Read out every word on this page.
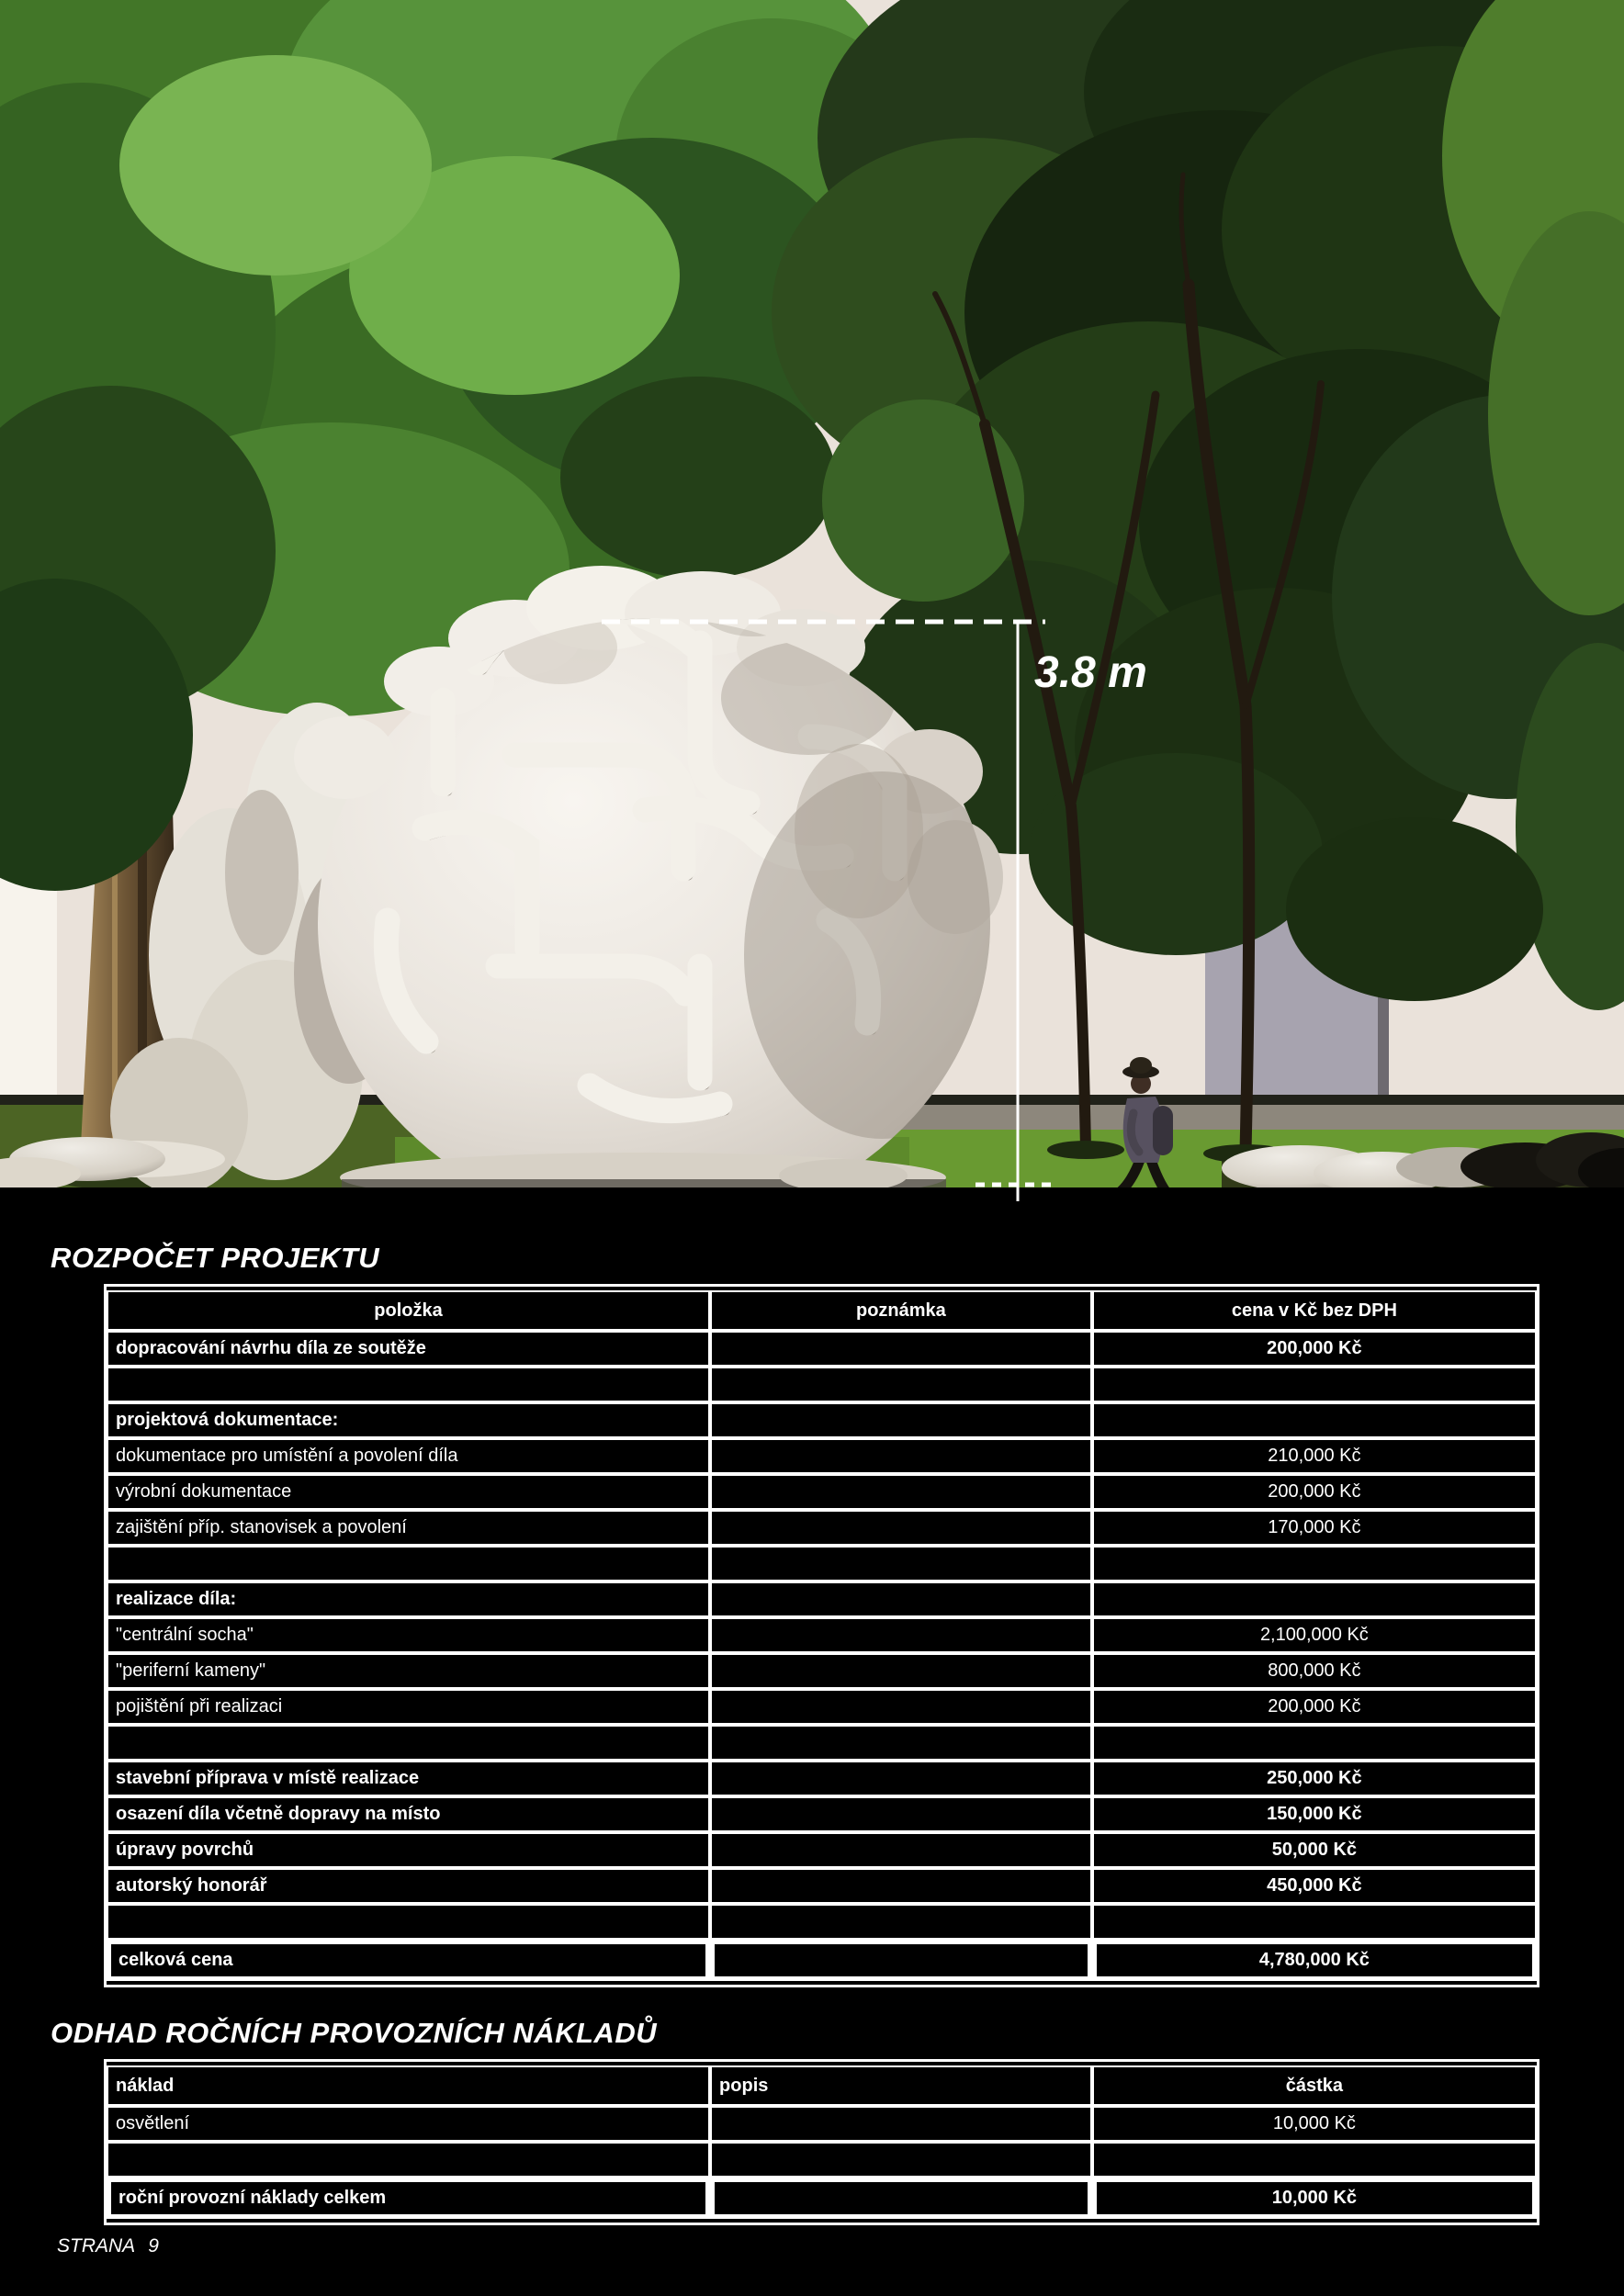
3.8 m
ROZPOČET PROJEKTU
položka	poznámka	cena v Kč bez DPH
dopracování návrhu díla ze soutěže		200,000 Kč

projektová dokumentace:		
dokumentace pro umístění a povolení díla		210,000 Kč
výrobní dokumentace		200,000 Kč
zajištění příp. stanovisek a povolení		170,000 Kč

realizace díla:		
"centrální socha"		2,100,000 Kč
"periferní kameny"		800,000 Kč
pojištění při realizaci		200,000 Kč

stavební příprava v místě realizace		250,000 Kč
osazení díla včetně dopravy na místo		150,000 Kč
úpravy povrchů		50,000 Kč
autorský honorář		450,000 Kč

celková cena		4,780,000 Kč
ODHAD ROČNÍCH PROVOZNÍCH NÁKLADŮ
náklad	popis	částka
osvětlení		10,000 Kč

roční provozní náklady celkem		10,000 Kč
STRANA 9
